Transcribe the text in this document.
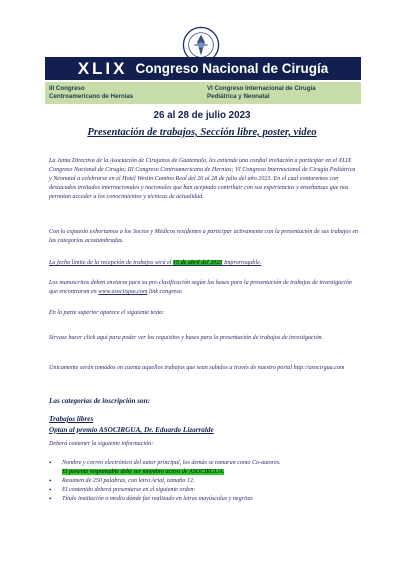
XLIX Congreso Nacional de Cirugía
III Congreso
Centroamericano de Hernias
VI Congreso Internacional de Cirugía
Pediátrica y Neonatal
26 al 28 de julio 2023
Presentación de trabajos, Sección libre, poster, video

La Junta Directiva de la Asociación de Cirujanos de Guatemala, les extiende una cordial invitación a participar en el XLIX Congreso Nacional de Cirugía; III Congreso Centroamericano de Hernias; VI Congreso Internacional de Cirugía Pediátrica y Neonatal a celebrarse en el Hotel Westin Camino Real del 26 al 28 de julio del año 2023. En el cual contaremos con destacados invitados internacionales y nacionales que han aceptado contribuir con sus experiencias y enseñanzas que nos permitan acceder a los conocimientos y técnicas de actualidad.

Con lo expuesto exhortamos a los Socios y Médicos residentes a participar activamente con la presentación de sus trabajos en las categorías acostumbradas.

La fecha límite de la recepción de trabajos será el 15 de abril del 2023 Improrrogable.

Los manuscritos deben enviarse para su pre-clasificación según las bases para la presentación de trabajos de investigación que encontraran en www.asocirgua.com link congreso

En la parte superior aparece el siguiente texto:

Sírvase hacer click aquí para poder ver los requisitos y bases para la presentación de trabajos de investigación.

Únicamente serán tomados en cuenta aquellos trabajos que sean subidos a través de nuestro portal http://asocirgua.com

Las categorías de inscripción son:

Trabajos libres

Optan al premio ASOCIRGUA, Dr. Eduardo Lizarralde

Deberá contener la siguiente información:

• Nombre y correo electrónico del autor principal, los demás se tomaran como Co-autores.
El ponente responsable debe ser miembro activo de ASOCIRGUA.
• Resumen de 250 palabras, con letra Arial, tamaño 12.
• El contenido deberá presentarse en el siguiente orden:
• Título institución o medio dónde fue realizado en letras mayúsculas y negritas
